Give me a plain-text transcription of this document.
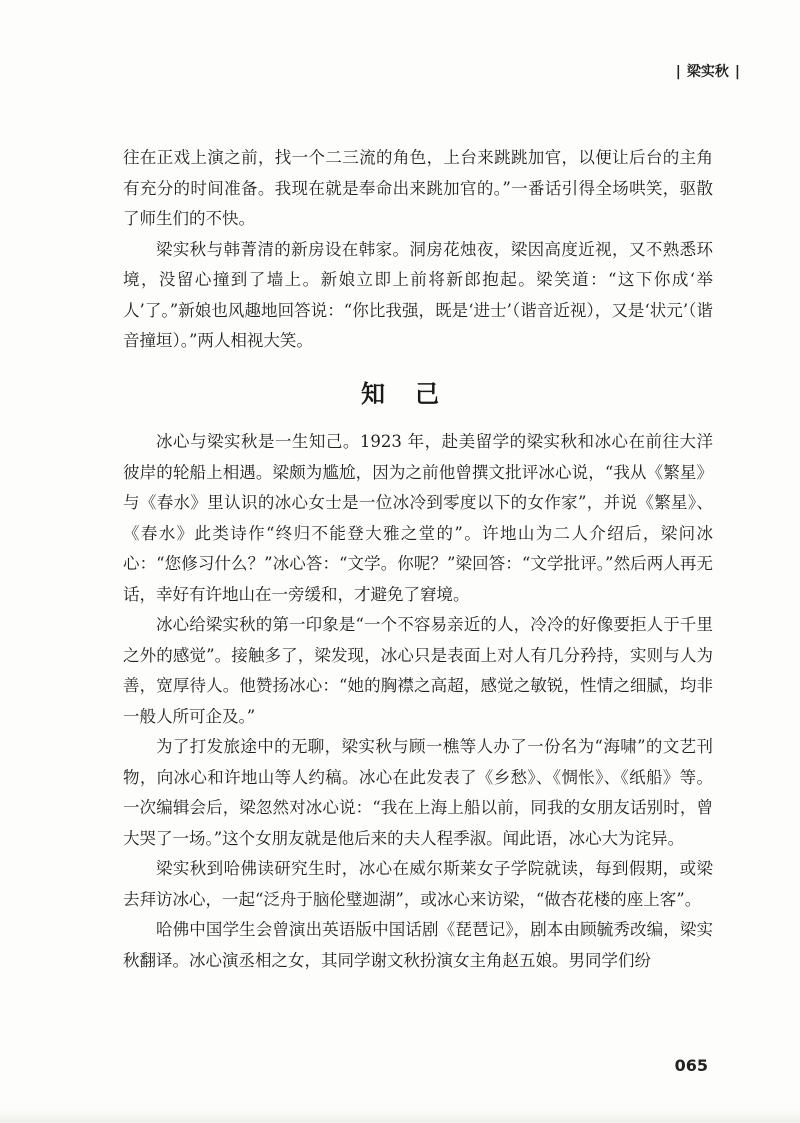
| 梁实秋 |

往在正戏上演之前，找一个二三流的角色，上台来跳跳加官，以便让后台的主角有充分的时间准备。我现在就是奉命出来跳加官的。”一番话引得全场哄笑，驱散了师生们的不快。

梁实秋与韩菁清的新房设在韩家。洞房花烛夜，梁因高度近视，又不熟悉环境，没留心撞到了墙上。新娘立即上前将新郎抱起。梁笑道：“这下你成‘举人’了。”新娘也风趣地回答说：“你比我强，既是‘进士’（谐音近视），又是‘状元’（谐音撞垣）。”两人相视大笑。

知己

冰心与梁实秋是一生知己。1923 年，赴美留学的梁实秋和冰心在前往大洋彼岸的轮船上相遇。梁颇为尴尬，因为之前他曾撰文批评冰心说，“我从《繁星》与《春水》里认识的冰心女士是一位冰冷到零度以下的女作家”，并说《繁星》、《春水》此类诗作“终归不能登大雅之堂的”。许地山为二人介绍后，梁问冰心：“您修习什么？”冰心答：“文学。你呢？”梁回答：“文学批评。”然后两人再无话，幸好有许地山在一旁缓和，才避免了窘境。

冰心给梁实秋的第一印象是“一个不容易亲近的人，冷冷的好像要拒人于千里之外的感觉”。接触多了，梁发现，冰心只是表面上对人有几分矜持，实则与人为善，宽厚待人。他赞扬冰心：“她的胸襟之高超，感觉之敏锐，性情之细腻，均非一般人所可企及。”

为了打发旅途中的无聊，梁实秋与顾一樵等人办了一份名为“海啸”的文艺刊物，向冰心和许地山等人约稿。冰心在此发表了《乡愁》、《惆怅》、《纸船》等。一次编辑会后，梁忽然对冰心说：“我在上海上船以前，同我的女朋友话别时，曾大哭了一场。”这个女朋友就是他后来的夫人程季淑。闻此语，冰心大为诧异。

梁实秋到哈佛读研究生时，冰心在威尔斯莱女子学院就读，每到假期，或梁去拜访冰心，一起“泛舟于脑伦璧迦湖”，或冰心来访梁，“做杏花楼的座上客”。

哈佛中国学生会曾演出英语版中国话剧《琵琶记》，剧本由顾毓秀改编，梁实秋翻译。冰心演丞相之女，其同学谢文秋扮演女主角赵五娘。男同学们纷

065
